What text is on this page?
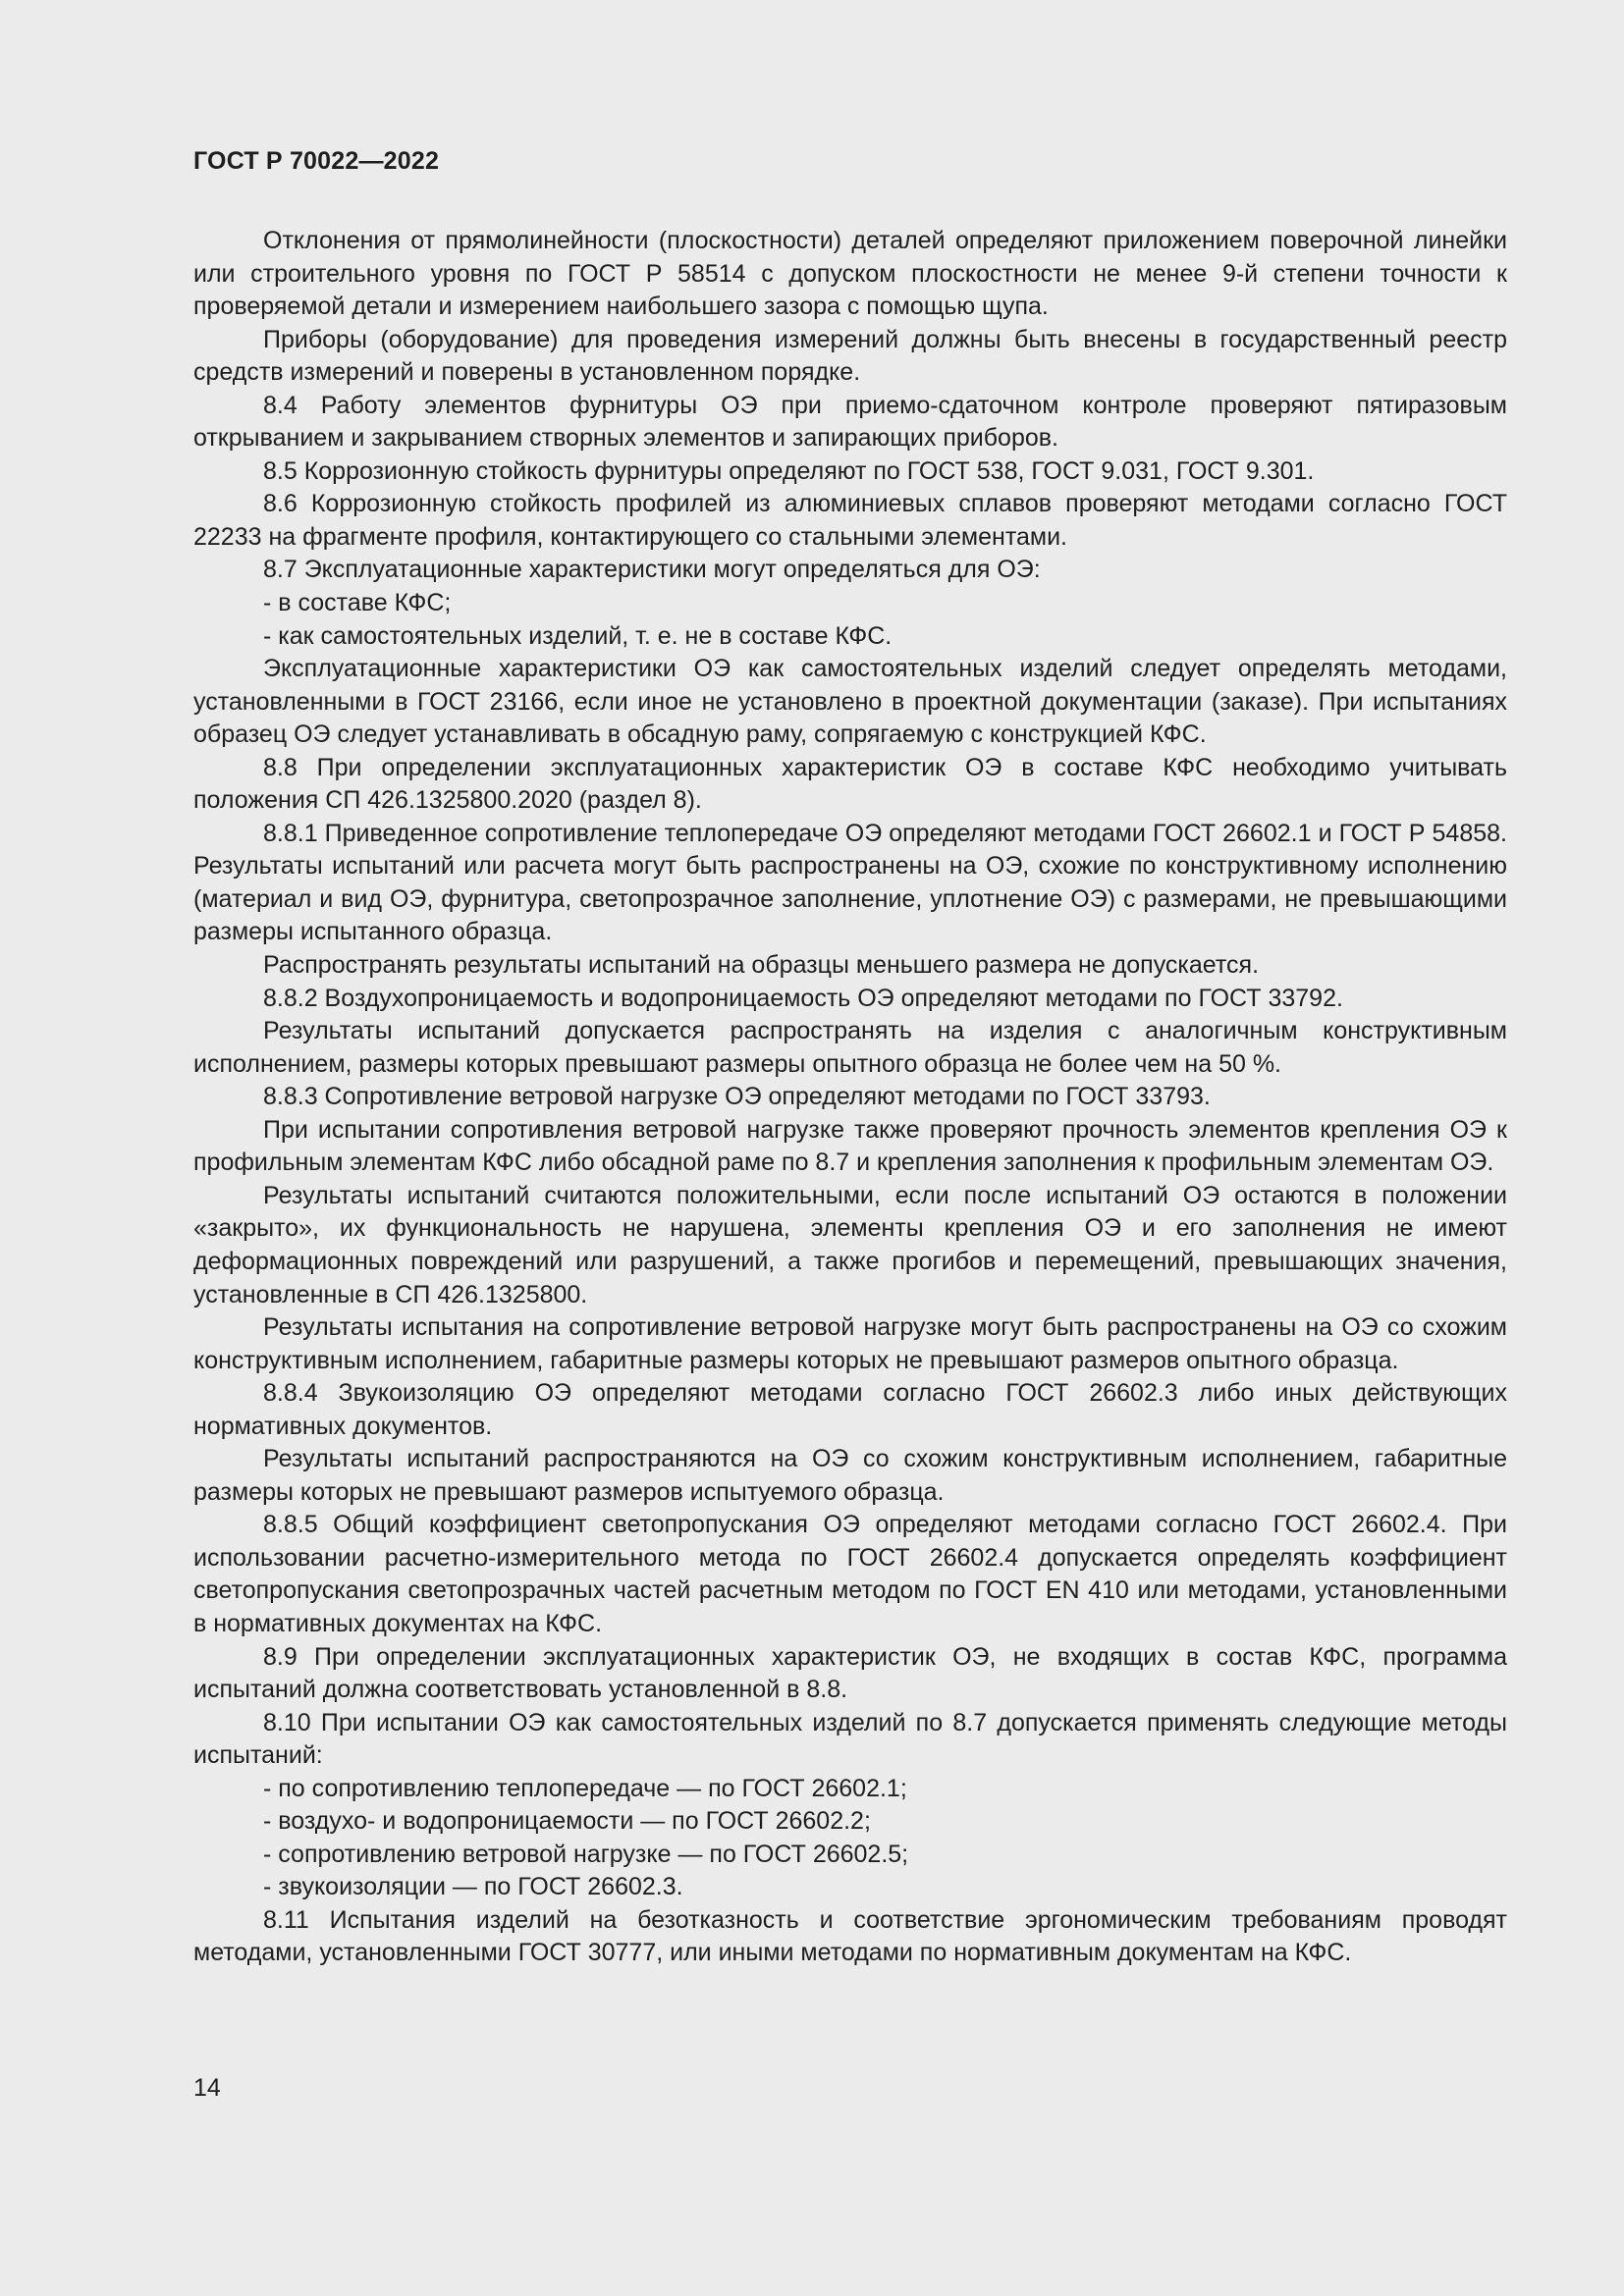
ГОСТ Р 70022—2022

Отклонения от прямолинейности (плоскостности) деталей определяют приложением поверочной линейки или строительного уровня по ГОСТ Р 58514 с допуском плоскостности не менее 9-й степени точности к проверяемой детали и измерением наибольшего зазора с помощью щупа.

Приборы (оборудование) для проведения измерений должны быть внесены в государственный реестр средств измерений и поверены в установленном порядке.

8.4 Работу элементов фурнитуры ОЭ при приемо-сдаточном контроле проверяют пятиразовым открыванием и закрыванием створных элементов и запирающих приборов.

8.5 Коррозионную стойкость фурнитуры определяют по ГОСТ 538, ГОСТ 9.031, ГОСТ 9.301.

8.6 Коррозионную стойкость профилей из алюминиевых сплавов проверяют методами согласно ГОСТ 22233 на фрагменте профиля, контактирующего со стальными элементами.

8.7 Эксплуатационные характеристики могут определяться для ОЭ:

- в составе КФС;

- как самостоятельных изделий, т. е. не в составе КФС.

Эксплуатационные характеристики ОЭ как самостоятельных изделий следует определять методами, установленными в ГОСТ 23166, если иное не установлено в проектной документации (заказе). При испытаниях образец ОЭ следует устанавливать в обсадную раму, сопрягаемую с конструкцией КФС.

8.8 При определении эксплуатационных характеристик ОЭ в составе КФС необходимо учитывать положения СП 426.1325800.2020 (раздел 8).

8.8.1 Приведенное сопротивление теплопередаче ОЭ определяют методами ГОСТ 26602.1 и ГОСТ Р 54858. Результаты испытаний или расчета могут быть распространены на ОЭ, схожие по конструктивному исполнению (материал и вид ОЭ, фурнитура, светопрозрачное заполнение, уплотнение ОЭ) с размерами, не превышающими размеры испытанного образца.

Распространять результаты испытаний на образцы меньшего размера не допускается.

8.8.2 Воздухопроницаемость и водопроницаемость ОЭ определяют методами по ГОСТ 33792.

Результаты испытаний допускается распространять на изделия с аналогичным конструктивным исполнением, размеры которых превышают размеры опытного образца не более чем на 50 %.

8.8.3 Сопротивление ветровой нагрузке ОЭ определяют методами по ГОСТ 33793.

При испытании сопротивления ветровой нагрузке также проверяют прочность элементов крепления ОЭ к профильным элементам КФС либо обсадной раме по 8.7 и крепления заполнения к профильным элементам ОЭ.

Результаты испытаний считаются положительными, если после испытаний ОЭ остаются в положении «закрыто», их функциональность не нарушена, элементы крепления ОЭ и его заполнения не имеют деформационных повреждений или разрушений, а также прогибов и перемещений, превышающих значения, установленные в СП 426.1325800.

Результаты испытания на сопротивление ветровой нагрузке могут быть распространены на ОЭ со схожим конструктивным исполнением, габаритные размеры которых не превышают размеров опытного образца.

8.8.4 Звукоизоляцию ОЭ определяют методами согласно ГОСТ 26602.3 либо иных действующих нормативных документов.

Результаты испытаний распространяются на ОЭ со схожим конструктивным исполнением, габаритные размеры которых не превышают размеров испытуемого образца.

8.8.5 Общий коэффициент светопропускания ОЭ определяют методами согласно ГОСТ 26602.4. При использовании расчетно-измерительного метода по ГОСТ 26602.4 допускается определять коэффициент светопропускания светопрозрачных частей расчетным методом по ГОСТ EN 410 или методами, установленными в нормативных документах на КФС.

8.9 При определении эксплуатационных характеристик ОЭ, не входящих в состав КФС, программа испытаний должна соответствовать установленной в 8.8.

8.10 При испытании ОЭ как самостоятельных изделий по 8.7 допускается применять следующие методы испытаний:

- по сопротивлению теплопередаче — по ГОСТ 26602.1;

- воздухо- и водопроницаемости — по ГОСТ 26602.2;

- сопротивлению ветровой нагрузке — по ГОСТ 26602.5;

- звукоизоляции — по ГОСТ 26602.3.

8.11 Испытания изделий на безотказность и соответствие эргономическим требованиям проводят методами, установленными ГОСТ 30777, или иными методами по нормативным документам на КФС.

14
